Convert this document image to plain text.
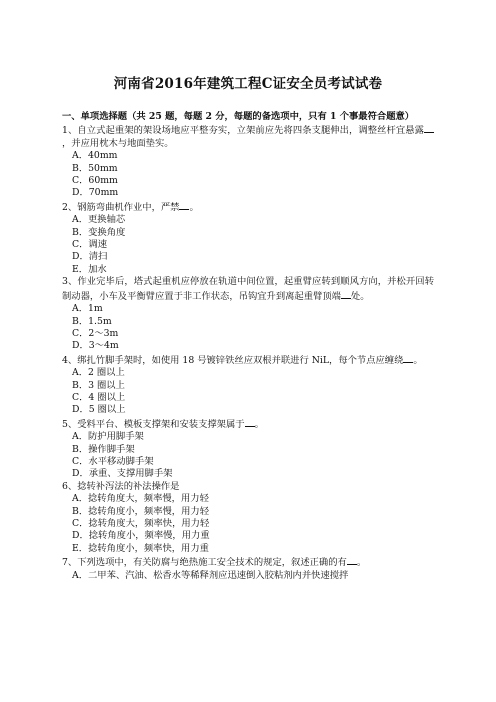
河南省2016年建筑工程C证安全员考试试卷

一、单项选择题（共 25 题，每题 2 分，每题的备选项中，只有 1 个事最符合题意）

1、自立式起重架的架设场地应平整夯实，立架前应先将四条支腿伸出，调整丝杆宜悬露，并应用枕木与地面垫实。

A．40mm

B．50mm

C．60mm

D．70mm

2、钢筋弯曲机作业中，严禁 。

A．更换轴芯

B．变换角度

C．调速

D．清扫

E．加水

3、作业完毕后，塔式起重机应停放在轨道中间位置，起重臂应转到顺风方向，并松开回转制动器，小车及平衡臂应置于非工作状态，吊钩宜升到离起重臂顶端 处。

A．1m

B．1.5m

C．2～3m

D．3～4m

4、绑扎竹脚手架时，如使用 18 号镀锌铁丝应双根并联进行 NiL，每个节点应缠绕 。

A．2 圈以上

B．3 圈以上

C．4 圈以上

D．5 圈以上

5、受料平台、模板支撑架和安装支撑架属于 。

A．防护用脚手架

B．操作脚手架

C．水平移动脚手架

D．承重、支撑用脚手架

6、捻转补泻法的补法操作是

A．捻转角度大，频率慢，用力轻

B．捻转角度小，频率慢，用力轻

C．捻转角度大，频率快，用力轻

D．捻转角度小，频率慢，用力重

E．捻转角度小，频率快，用力重

7、下列选项中，有关防腐与绝热施工安全技术的规定，叙述正确的有 。

A．二甲苯、汽油、松香水等稀释剂应迅速倒入胶粘剂内并快速搅拌
